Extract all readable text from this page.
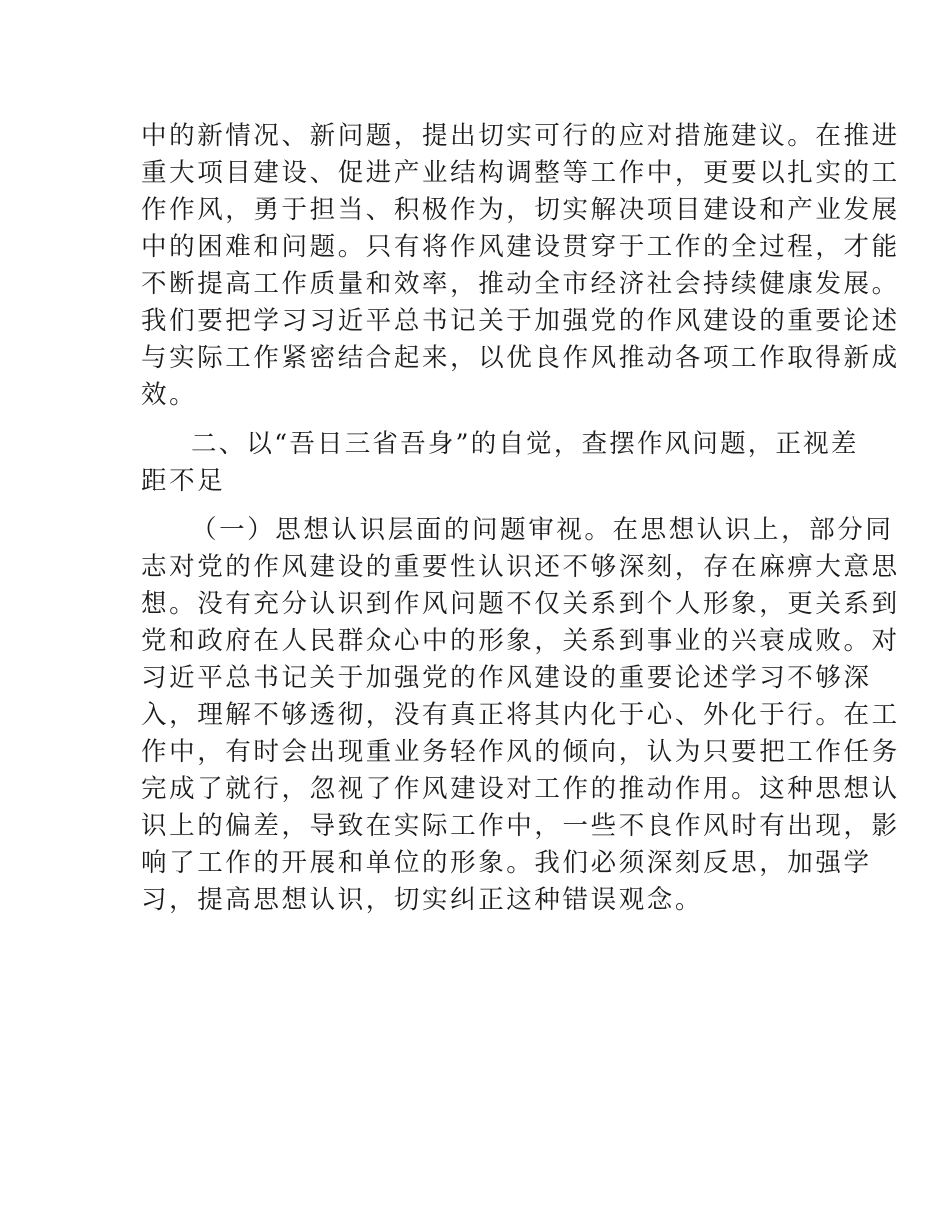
中的新情况、新问题，提出切实可行的应对措施建议。在推进
重大项目建设、促进产业结构调整等工作中，更要以扎实的工
作作风，勇于担当、积极作为，切实解决项目建设和产业发展
中的困难和问题。只有将作风建设贯穿于工作的全过程，才能
不断提高工作质量和效率，推动全市经济社会持续健康发展。
我们要把学习习近平总书记关于加强党的作风建设的重要论述
与实际工作紧密结合起来，以优良作风推动各项工作取得新成
效。
二、以“吾日三省吾身”的自觉，查摆作风问题，正视差
距不足
（一）思想认识层面的问题审视。在思想认识上，部分同
志对党的作风建设的重要性认识还不够深刻，存在麻痹大意思
想。没有充分认识到作风问题不仅关系到个人形象，更关系到
党和政府在人民群众心中的形象，关系到事业的兴衰成败。对
习近平总书记关于加强党的作风建设的重要论述学习不够深
入，理解不够透彻，没有真正将其内化于心、外化于行。在工
作中，有时会出现重业务轻作风的倾向，认为只要把工作任务
完成了就行，忽视了作风建设对工作的推动作用。这种思想认
识上的偏差，导致在实际工作中，一些不良作风时有出现，影
响了工作的开展和单位的形象。我们必须深刻反思，加强学
习，提高思想认识，切实纠正这种错误观念。
